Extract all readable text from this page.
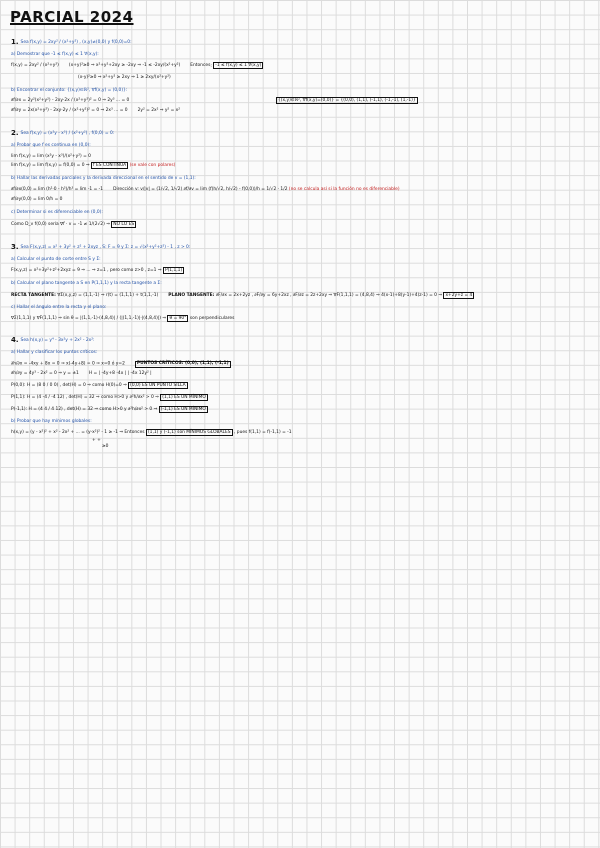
PARCIAL 2024
1. Sea f(x,y) = 2xy² / (x²+y²) , (x,y)≠(0,0) y f(0,0)=0:
a) Demostrar que -1 ≤ f(x,y) ≤ 1 ∀(x,y):
f(x,y) = 2xy² / (x²+y²) (x+y)²≥0 ⇒ x²+y²+2xy ≥ -2xy ⇒ -1 ≤ -2xy/(x²+y²) Entonces: -1 ≤ f(x,y) ≤ 1 ∀(x,y)
(x-y)²≥0 ⇒ x²+y² ≥ 2xy ⇒ 1 ≥ 2xy/(x²+y²)
b) Encontrar el conjunto: {(x,y)∈ℝ², ∇f(x,y) = (0,0)}:
∂f/∂x = 2y²(x²+y²) - 2xy·2x / (x²+y²)² = 0 ⇒ 2y³ ... = 0
∂f/∂y = 2x(x²+y²) - 2xy·2y / (x²+y²)² = 0 ⇒ 2x³ ... = 0 2y² = 2x² ⇒ y² = x²
{(x,y)∈ℝ², ∇f(x,y)=(0,0)} = {(0,0), (1,1), (-1,1), (-1,-1), (1,-1)}
2. Sea f(x,y) = (x²y - x³) / (x²+y²) , f(0,0) = 0:
a) Probar que f es continua en (0,0):
lim f(x,y) = lim (x²y - x³)/(x²+y²) = 0
lim f(x,y) = lim f(x,y) = f(0,0) = 0 ⇒ f ES CONTINUA (se vale con polares)
b) Hallar las derivadas parciales y la derivada direccional en el sentido de v = (1,1):
∂f/∂x(0,0) = lim (h²·0 - h³)/h³ = lim -1 = -1 Dirección v: v/|v| = (1/√2, 1/√2) ∂f/∂v = lim (f(h/√2, h/√2) - f(0,0))/h = 1/√2 · 1/2 (no se calcula así si la función no es diferenciable)
∂f/∂y(0,0) = lim 0/h = 0
c) Determinar si es diferenciable en (0,0):
Como D_v f(0,0) sería ∇f · v = -1 ≠ 1/(2√2) ⇒ NO LO ES
3. Sea F(x,y,z) = x² + 3y² + z² + 2xyz , S: F = 9 y Σ: z = √(x²+y²+z²) - 1 , z > 0:
a) Calcular el punto de corte entre S y Σ:
F(x,y,z) = x²+3y²+z²+2xyz = 9 ⇒ ... ⇒ z=1 , pero como z>0 , z=1 ⇒ P(1,1,1)
b) Calcular el plano tangente a S en P(1,1,1) y la recta tangente a Σ:
RECTA TANGENTE: ∇Σ(x,y,z) = (1,1,-1) ⇒ r(t) = (1,1,1) + t(1,1,-1) PLANO TANGENTE: ∂F/∂x = 2x+2yz , ∂F/∂y = 6y+2xz , ∂F/∂z = 2z+2xy ⇒ ∇F(1,1,1) = (4,8,4) ⇒ 4(x-1)+8(y-1)+4(z-1) = 0 ⇒ x+2y+z = 4
c) Hallar el ángulo entre la recta y el plano:
∇Σ(1,1,1) y ∇F(1,1,1) ⇒ sin θ = |(1,1,-1)·(4,8,4)| / (|(1,1,-1)|·|(4,8,4)|) ⇒ θ = 90° son perpendiculares
4. Sea h(x,y) = y⁴ - 3x²y + 2x² - 2x²:
a) Hallar y clasificar los puntos críticos:
∂h/∂x = -4xy + 8x = 0 ⇒ x(-4y+8) = 0 ⇒ x=0 ó y=2	PUNTOS CRÍTICOS: (0,0), (1,1), (-1,1)
∂h/∂y = 4y³ - 2x² = 0 ⇒ y = ±1 H = | -4y+8 -4x | | -4x 12y² |
P(0,0): H = (8 0 / 0 0) , det(H) = 0 ⇒ como H(0)=0 ⇒ (0,0) ES UN PUNTO SILLA
P(1,1): H = (4 -4 / -4 12) , det(H) = 32 ⇒ como H>0 y ∂²h/∂x² > 0 ⇒ (1,1) ES UN MÍNIMO
P(-1,1): H = (4 4 / 4 12) , det(H) = 32 ⇒ como H>0 y ∂²h/∂x² > 0 ⇒ (-1,1) ES UN MÍNIMO
b) Probar que hay mínimos globales:
h(x,y) = (y - x²)² + x² - 2x² + ... = (y-x²)² - 1 ≥ -1 ⇒ Entonces (1,1) y (-1,1) son MÍNIMOS GLOBALES , pues f(1,1) = f(-1,1) = -1
+ +
≥0
